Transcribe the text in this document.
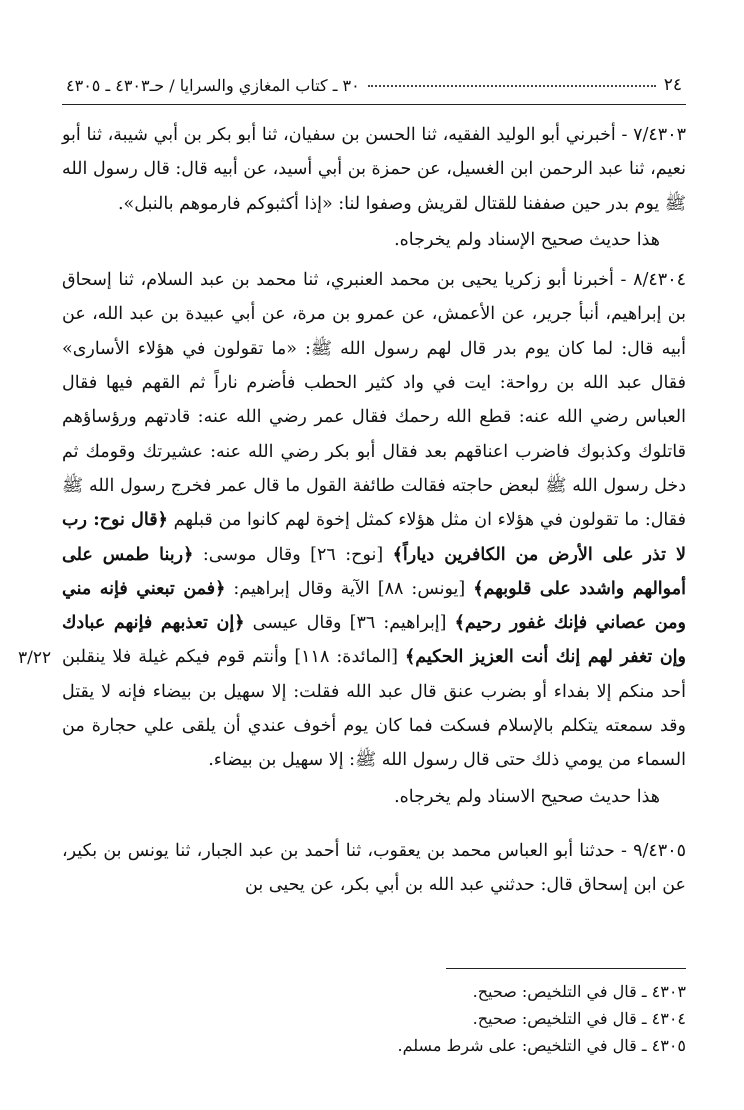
٢٤
٣٠ ـ كتاب المغازي والسرايا / حـ٤٣٠٣ ـ ٤٣٠٥

٧/٤٣٠٣ - أخبرني أبو الوليد الفقيه، ثنا الحسن بن سفيان، ثنا أبو بكر بن أبي شيبة، ثنا أبو نعيم، ثنا عبد الرحمن ابن الغسيل، عن حمزة بن أبي أسيد، عن أبيه قال: قال رسول الله ﷺ يوم بدر حين صففنا للقتال لقريش وصفوا لنا: «إذا أكثبوكم فارموهم بالنبل».

هذا حديث صحيح الإسناد ولم يخرجاه.

٨/٤٣٠٤ - أخبرنا أبو زكريا يحيى بن محمد العنبري، ثنا محمد بن عبد السلام، ثنا إسحاق بن إبراهيم، أنبأ جرير، عن الأعمش، عن عمرو بن مرة، عن أبي عبيدة بن عبد الله، عن أبيه قال: لما كان يوم بدر قال لهم رسول الله ﷺ: «ما تقولون في هؤلاء الأسارى» فقال عبد الله بن رواحة: ايت في واد كثير الحطب فأضرم ناراً ثم القهم فيها فقال العباس رضي الله عنه: قطع الله رحمك فقال عمر رضي الله عنه: قادتهم ورؤساؤهم قاتلوك وكذبوك فاضرب اعناقهم بعد فقال أبو بكر رضي الله عنه: عشيرتك وقومك ثم دخل رسول الله ﷺ لبعض حاجته فقالت طائفة القول ما قال عمر فخرج رسول الله ﷺ فقال: ما تقولون في هؤلاء ان مثل هؤلاء كمثل إخوة لهم كانوا من قبلهم ﴿قال نوح: رب لا تذر على الأرض من الكافرين دياراً﴾ [نوح: ٢٦] وقال موسى: ﴿ربنا طمس على أموالهم واشدد على قلوبهم﴾ [يونس: ٨٨] الآية وقال إبراهيم: ﴿فمن تبعني فإنه مني ومن عصاني فإنك غفور رحيم﴾ [إبراهيم: ٣٦] وقال عيسى ﴿إن تعذبهم فإنهم عبادك وإن تغفر لهم إنك أنت العزيز الحكيم﴾ [المائدة: ١١٨] وأنتم قوم فيكم غيلة فلا ينقلبن أحد منكم إلا بفداء أو بضرب عنق قال عبد الله فقلت: إلا سهيل بن بيضاء فإنه لا يقتل وقد سمعته يتكلم بالإسلام فسكت فما كان يوم أخوف عندي أن يلقى علي حجارة من السماء من يومي ذلك حتى قال رسول الله ﷺ: إلا سهيل بن بيضاء.

هذا حديث صحيح الاسناد ولم يخرجاه.

٩/٤٣٠٥ - حدثنا أبو العباس محمد بن يعقوب، ثنا أحمد بن عبد الجبار، ثنا يونس بن بكير، عن ابن إسحاق قال: حدثني عبد الله بن أبي بكر، عن يحيى بن

٣/٢٢
٤٣٠٣ ـ قال في التلخيص: صحيح.
٤٣٠٤ ـ قال في التلخيص: صحيح.
٤٣٠٥ ـ قال في التلخيص: على شرط مسلم.
